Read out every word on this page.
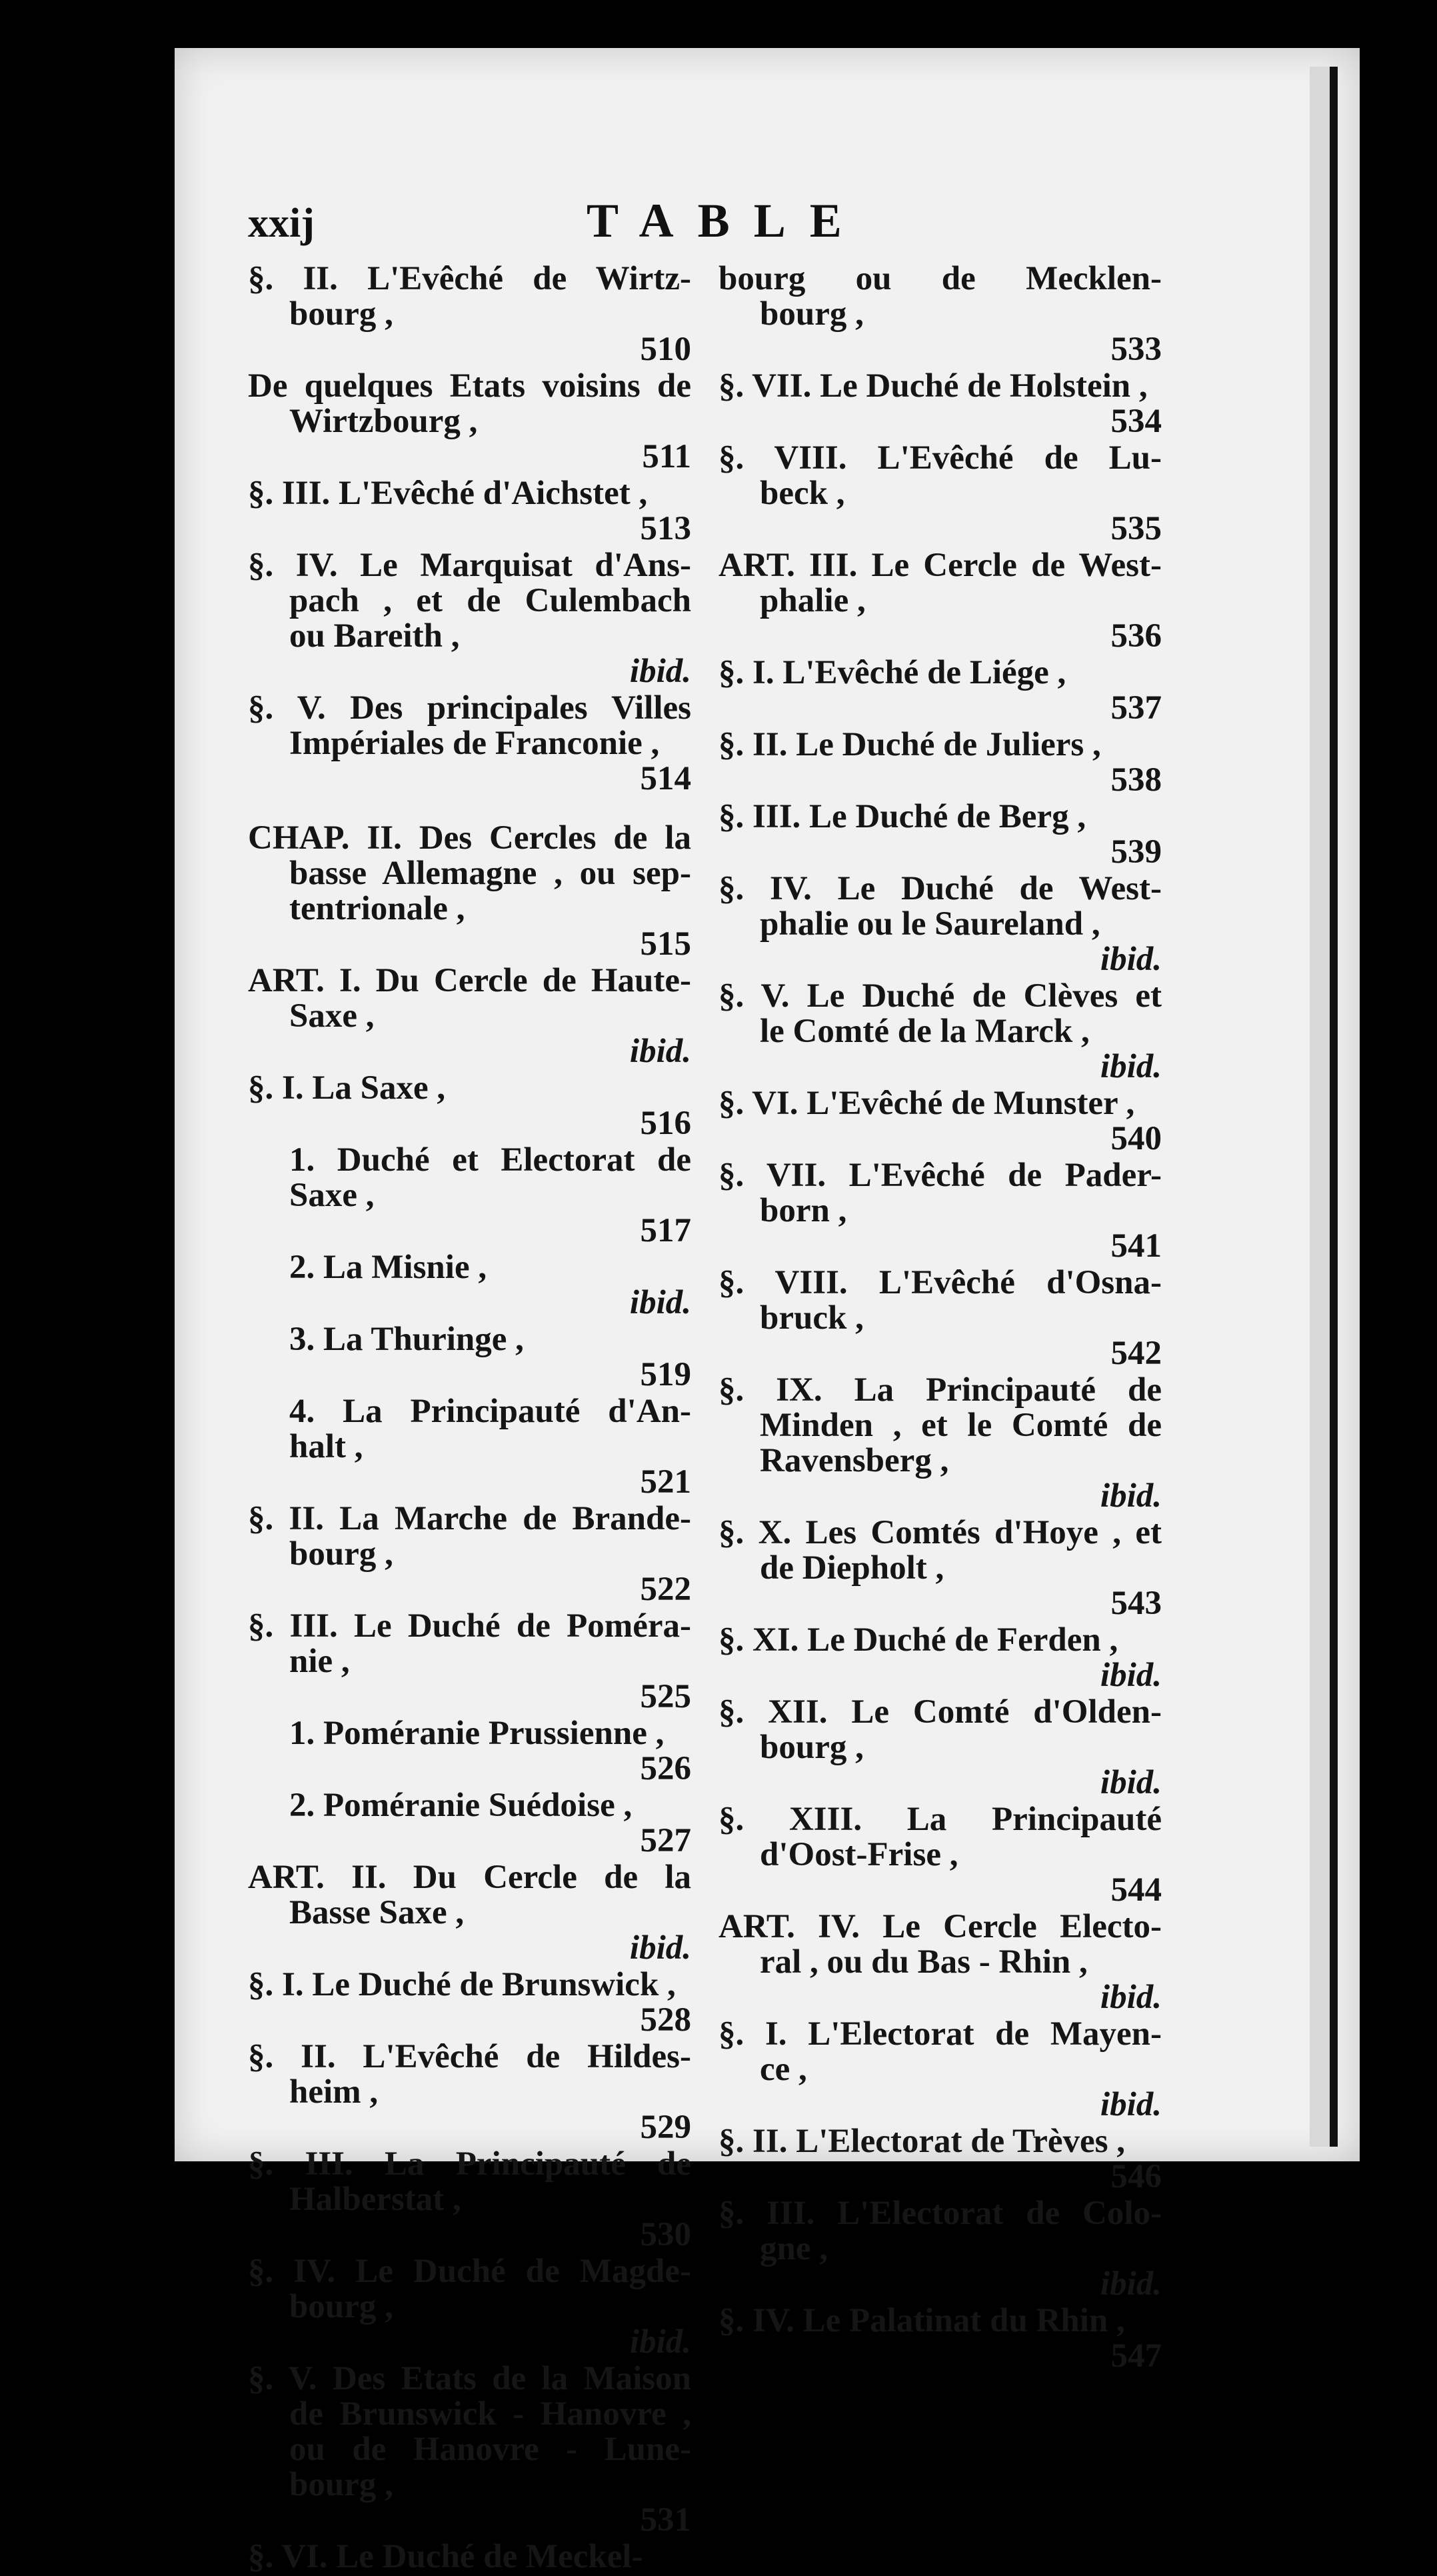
xxij	TABLE
§. II. L'Evêché de Wirtz-
bourg ,
510
De quelques Etats voisins de
Wirtzbourg ,
511
§. III. L'Evêché d'Aichstet ,
513
§. IV. Le Marquisat d'Ans-
pach , et de Culembach
ou Bareith ,
ibid.
§. V. Des principales Villes
Impériales de Franconie ,
514
CHAP. II. Des Cercles de la
basse Allemagne , ou sep-
tentrionale ,
515
ART. I. Du Cercle de Haute-
Saxe ,
ibid.
§. I. La Saxe ,
516
1. Duché et Electorat de
Saxe ,
517
2. La Misnie ,
ibid.
3. La Thuringe ,
519
4. La Principauté d'An-
halt ,
521
§. II. La Marche de Brande-
bourg ,
522
§. III. Le Duché de Poméra-
nie ,
525
1. Poméranie Prussienne ,
526
2. Poméranie Suédoise ,
527
ART. II. Du Cercle de la
Basse Saxe ,
ibid.
§. I. Le Duché de Brunswick ,
528
§. II. L'Evêché de Hildes-
heim ,
529
§. III. La Principauté de
Halberstat ,
530
§. IV. Le Duché de Magde-
bourg ,
ibid.
§. V. Des Etats de la Maison
de Brunswick - Hanovre ,
ou de Hanovre - Lune-
bourg ,
531
§. VI. Le Duché de Meckel-
bourg ou de Mecklen-
bourg ,
533
§. VII. Le Duché de Holstein ,
534
§. VIII. L'Evêché de Lu-
beck ,
535
ART. III. Le Cercle de West-
phalie ,
536
§. I. L'Evêché de Liége ,
537
§. II. Le Duché de Juliers ,
538
§. III. Le Duché de Berg ,
539
§. IV. Le Duché de West-
phalie ou le Saureland ,
ibid.
§. V. Le Duché de Clèves et
le Comté de la Marck ,
ibid.
§. VI. L'Evêché de Munster ,
540
§. VII. L'Evêché de Pader-
born ,
541
§. VIII. L'Evêché d'Osna-
bruck ,
542
§. IX. La Principauté de
Minden , et le Comté de
Ravensberg ,
ibid.
§. X. Les Comtés d'Hoye , et
de Diepholt ,
543
§. XI. Le Duché de Ferden ,
ibid.
§. XII. Le Comté d'Olden-
bourg ,
ibid.
§. XIII. La Principauté
d'Oost-Frise ,
544
ART. IV. Le Cercle Electo-
ral , ou du Bas - Rhin ,
ibid.
§. I. L'Electorat de Mayen-
ce ,
ibid.
§. II. L'Electorat de Trèves ,
546
§. III. L'Electorat de Colo-
gne ,
ibid.
§. IV. Le Palatinat du Rhin ,
547
